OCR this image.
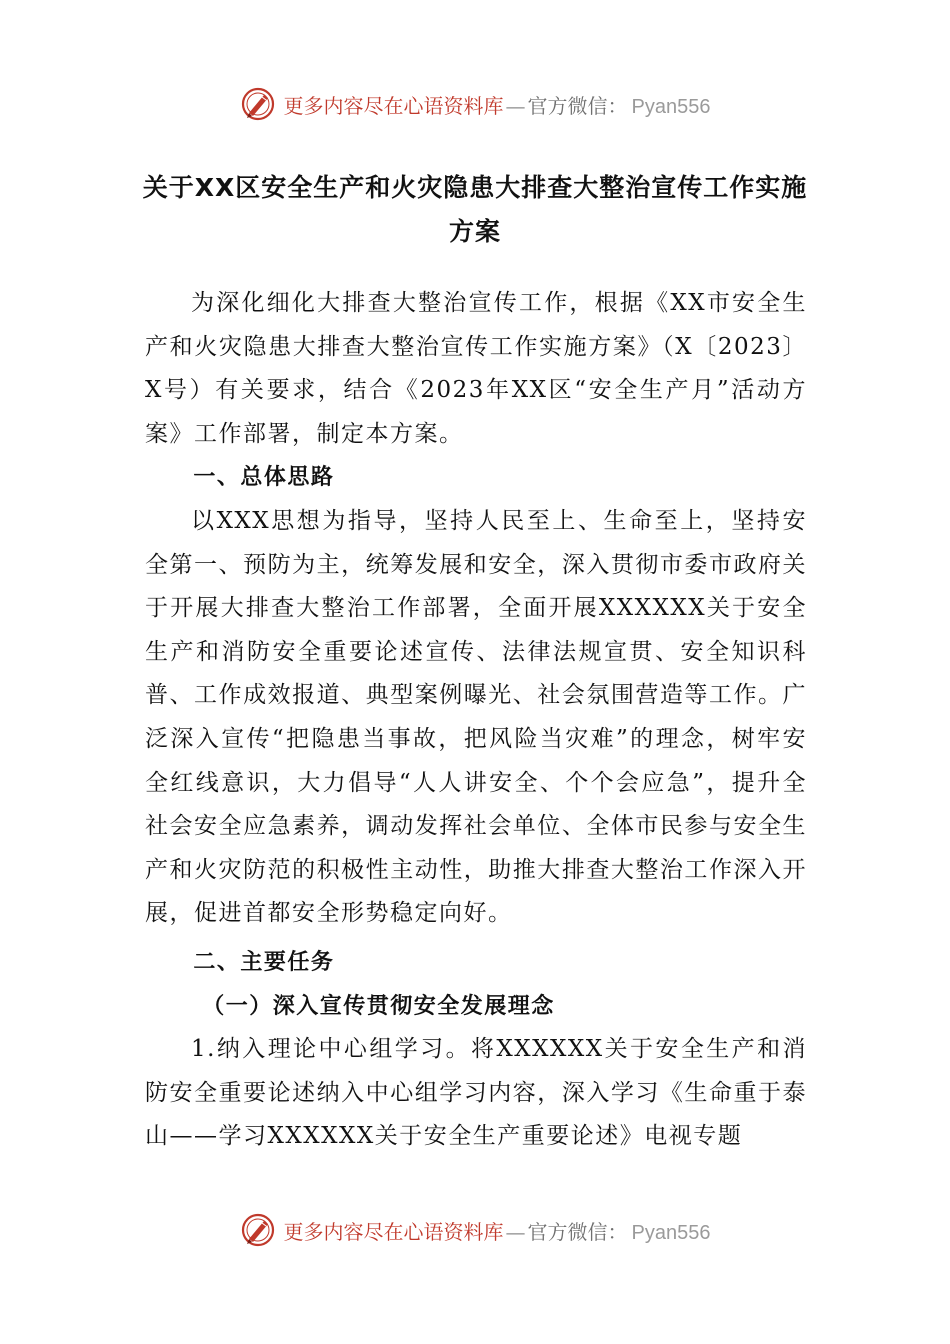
更多内容尽在心语资料库 — 官方微信： Pyan556
关于XX区安全生产和火灾隐患大排查大整治宣传工作实施方案

为深化细化大排查大整治宣传工作，根据《XX市安全生产和火灾隐患大排查大整治宣传工作实施方案》（X〔2023〕X号）有关要求，结合《2023年XX区“安全生产月”活动方案》工作部署，制定本方案。

一、总体思路

以XXX思想为指导，坚持人民至上、生命至上，坚持安全第一、预防为主，统筹发展和安全，深入贯彻市委市政府关于开展大排查大整治工作部署，全面开展XXXXXX关于安全生产和消防安全重要论述宣传、法律法规宣贯、安全知识科普、工作成效报道、典型案例曝光、社会氛围营造等工作。广泛深入宣传“把隐患当事故，把风险当灾难”的理念，树牢安全红线意识，大力倡导“人人讲安全、个个会应急”，提升全社会安全应急素养，调动发挥社会单位、全体市民参与安全生产和火灾防范的积极性主动性，助推大排查大整治工作深入开展，促进首都安全形势稳定向好。

二、主要任务
（一）深入宣传贯彻安全发展理念

1.纳入理论中心组学习。将XXXXXX关于安全生产和消防安全重要论述纳入中心组学习内容，深入学习《生命重于泰山——学习XXXXXX关于安全生产重要论述》电视专题

更多内容尽在心语资料库 — 官方微信： Pyan556
